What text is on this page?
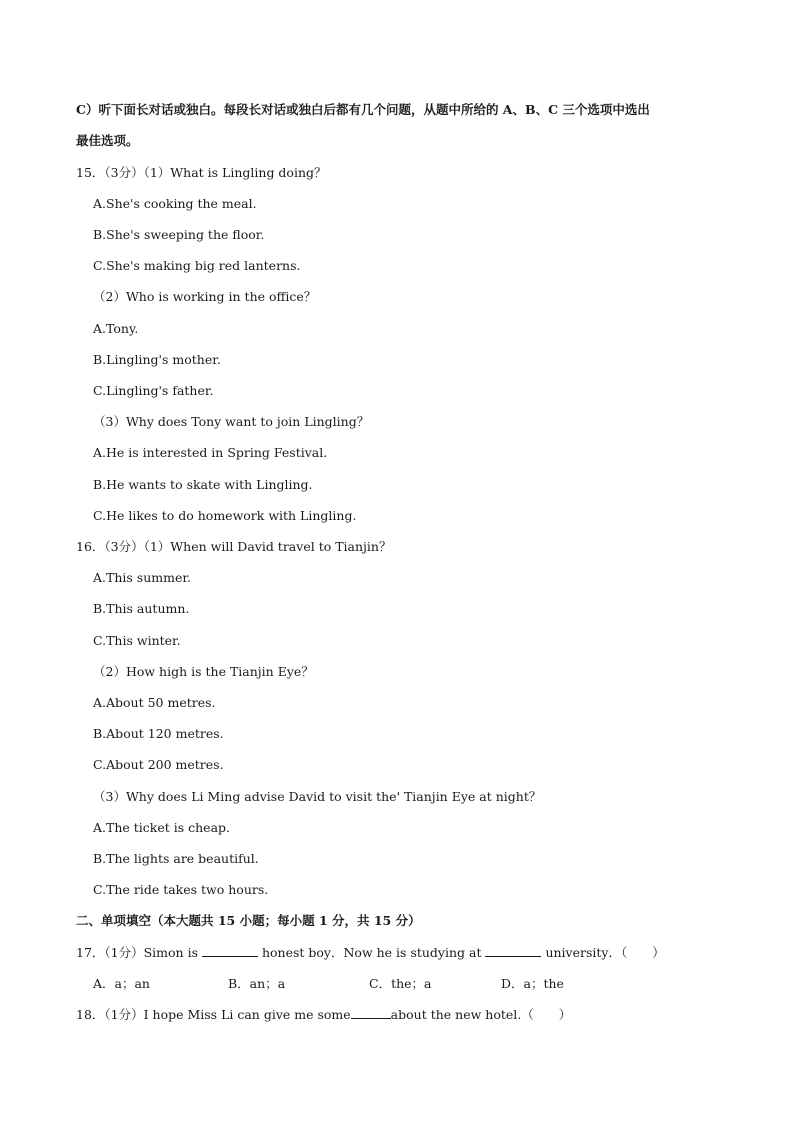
C）听下面长对话或独白。每段长对话或独白后都有几个问题，从题中所给的 A、B、C 三个选项中选出
最佳选项。
15．（3分）（1）What is Lingling doing？
A.She's cooking the meal.
B.She's sweeping the floor.
C.She's making big red lanterns.
（2）Who is working in the office？
A.Tony.
B.Lingling's mother.
C.Lingling's father.
（3）Why does Tony want to join Lingling？
A.He is interested in Spring Festival.
B.He wants to skate with Lingling.
C.He likes to do homework with Lingling.
16．（3分）（1）When will David travel to Tianjin？
A.This summer.
B.This autumn.
C.This winter.
（2）How high is the Tianjin Eye？
A.About 50 metres.
B.About 120 metres.
C.About 200 metres.
（3）Why does Li Ming advise David to visit the' Tianjin Eye at night？
A.The ticket is cheap.
B.The lights are beautiful.
C.The ride takes two hours.
二、单项填空（本大题共 15 小题；每小题 1 分，共 15 分）
17．（1分）Simon is	honest boy．Now he is studying at	university．（　　）
A．a；an	B．an；a	C．the；a	D．a；the
18．（1分）I hope Miss Li can give me some	about the new hotel.（　　）
